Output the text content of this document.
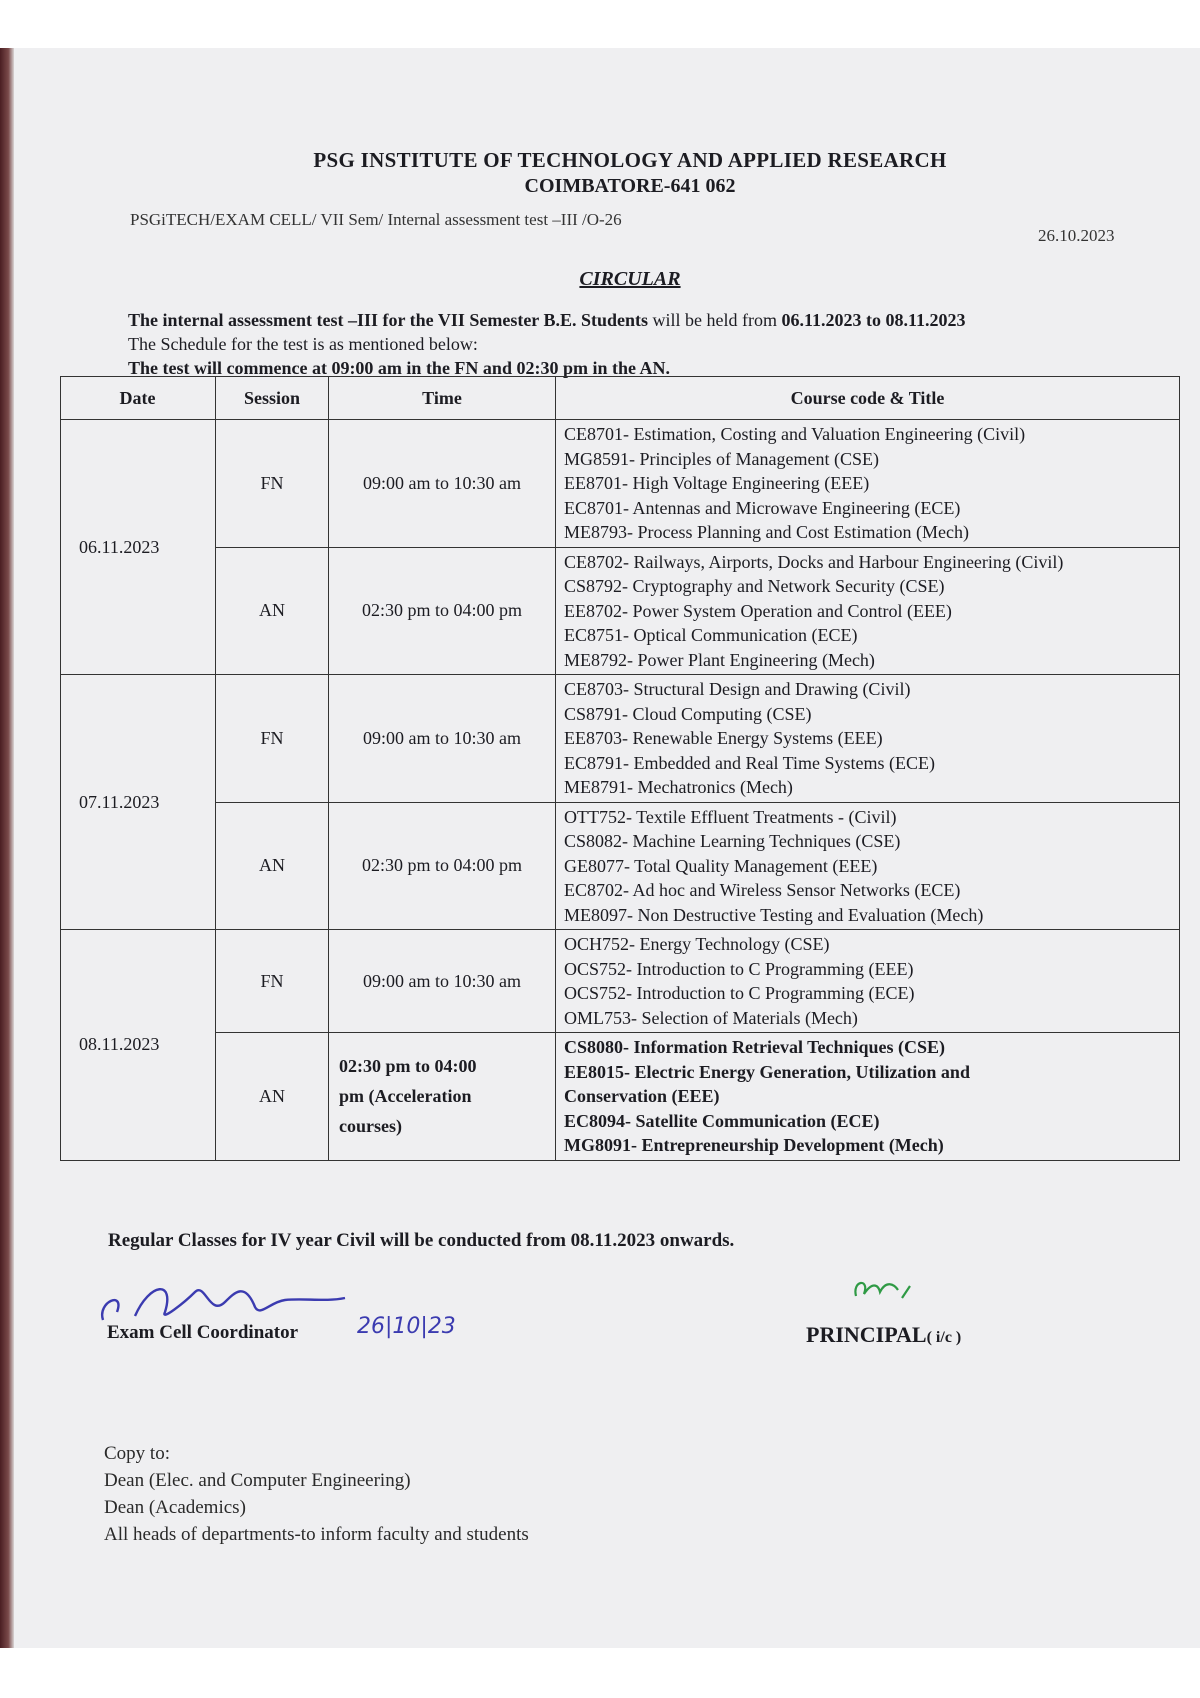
PSG INSTITUTE OF TECHNOLOGY AND APPLIED RESEARCH
COIMBATORE-641 062
PSGiTECH/EXAM CELL/ VII Sem/ Internal assessment test –III /O-26
26.10.2023
CIRCULAR

The internal assessment test –III for the VII Semester B.E. Students will be held from 06.11.2023 to 08.11.2023

The Schedule for the test is as mentioned below:

The test will commence at 09:00 am in the FN and 02:30 pm in the AN.

Date	Session	Time	Course code & Title
06.11.2023	FN	09:00 am to 10:30 am	CE8701- Estimation, Costing and Valuation Engineering (Civil)
MG8591- Principles of Management (CSE)
EE8701- High Voltage Engineering (EEE)
EC8701- Antennas and Microwave Engineering (ECE)
ME8793- Process Planning and Cost Estimation (Mech)

	AN	02:30 pm to 04:00 pm	CE8702- Railways, Airports, Docks and Harbour Engineering (Civil)
CS8792- Cryptography and Network Security (CSE)
EE8702- Power System Operation and Control (EEE)
EC8751- Optical Communication (ECE)
ME8792- Power Plant Engineering (Mech)

07.11.2023	FN	09:00 am to 10:30 am	CE8703- Structural Design and Drawing (Civil)
CS8791- Cloud Computing (CSE)
EE8703- Renewable Energy Systems (EEE)
EC8791- Embedded and Real Time Systems (ECE)
ME8791- Mechatronics (Mech)

	AN	02:30 pm to 04:00 pm	OTT752- Textile Effluent Treatments - (Civil)
CS8082- Machine Learning Techniques (CSE)
GE8077- Total Quality Management (EEE)
EC8702- Ad hoc and Wireless Sensor Networks (ECE)
ME8097- Non Destructive Testing and Evaluation (Mech)

08.11.2023	FN	09:00 am to 10:30 am	OCH752- Energy Technology (CSE)
OCS752- Introduction to C Programming (EEE)
OCS752- Introduction to C Programming (ECE)
OML753- Selection of Materials (Mech)

	AN	02:30 pm to 04:00
pm (Acceleration
courses)	CS8080- Information Retrieval Techniques (CSE)
EE8015- Electric Energy Generation, Utilization and
Conservation (EEE)
EC8094- Satellite Communication (ECE)
MG8091- Entrepreneurship Development (Mech)
Regular Classes for IV year Civil will be conducted from 08.11.2023 onwards.
Exam Cell Coordinator	26|10|23	PRINCIPAL( i/c )
Copy to:
Dean (Elec. and Computer Engineering)
Dean (Academics)
All heads of departments-to inform faculty and students
